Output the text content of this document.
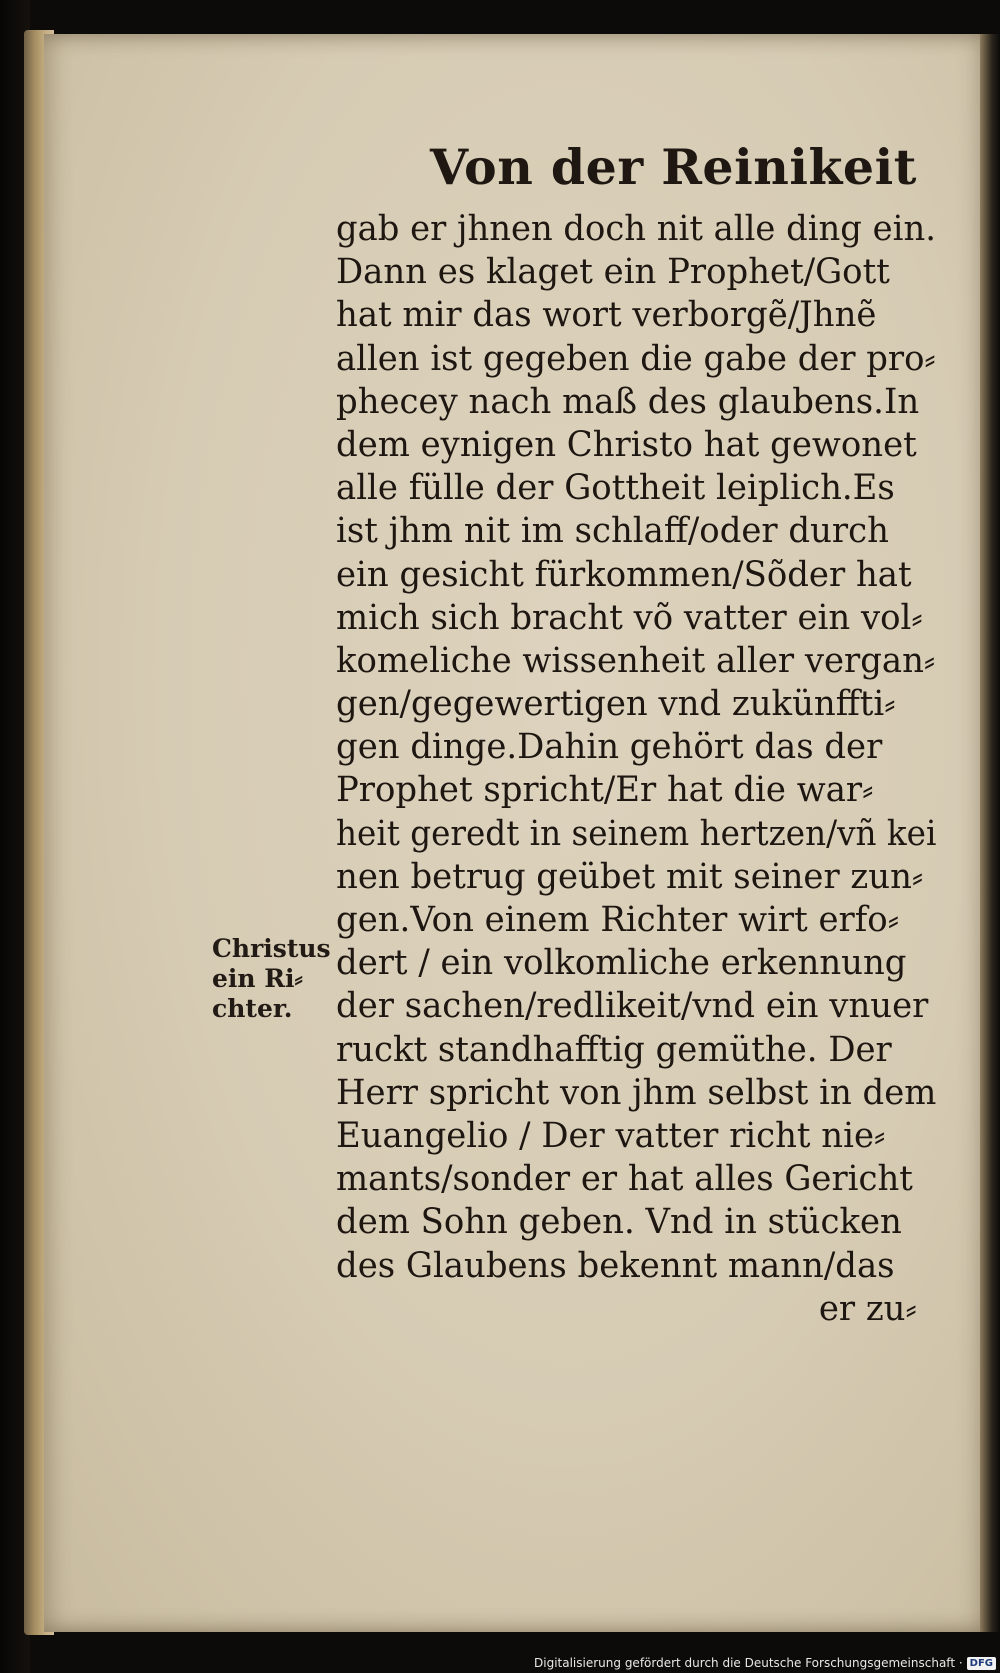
Von der Reinikeit
Christus
ein Ri⸗
chter.
gab er jhnen doch nit alle ding ein.
Dann es klaget ein Prophet/Gott
hat mir das wort verborgẽ/Jhnẽ
allen ist gegeben die gabe der pro⸗
phecey nach maß des glaubens.In
dem eynigen Christo hat gewonet
alle fülle der Gottheit leiplich.Es
ist jhm nit im schlaff/oder durch
ein gesicht fürkommen/Sõder hat
mich sich bracht võ vatter ein vol⸗
komeliche wissenheit aller vergan⸗
gen/gegewertigen vnd zukünffti⸗
gen dinge.Dahin gehört das der
Prophet spricht/Er hat die war⸗
heit geredt in seinem hertzen/vñ kei
nen betrug geübet mit seiner zun⸗
gen.Von einem Richter wirt erfo⸗
dert / ein volkomliche erkennung
der sachen/redlikeit/vnd ein vnuer
ruckt standhafftig gemüthe. Der
Herr spricht von jhm selbst in dem
Euangelio / Der vatter richt nie⸗
mants/sonder er hat alles Gericht
dem Sohn geben. Vnd in stücken
des Glaubens bekennt mann/das
er zu⸗
Digitalisierung gefördert durch die Deutsche Forschungsgemeinschaft · DFG
